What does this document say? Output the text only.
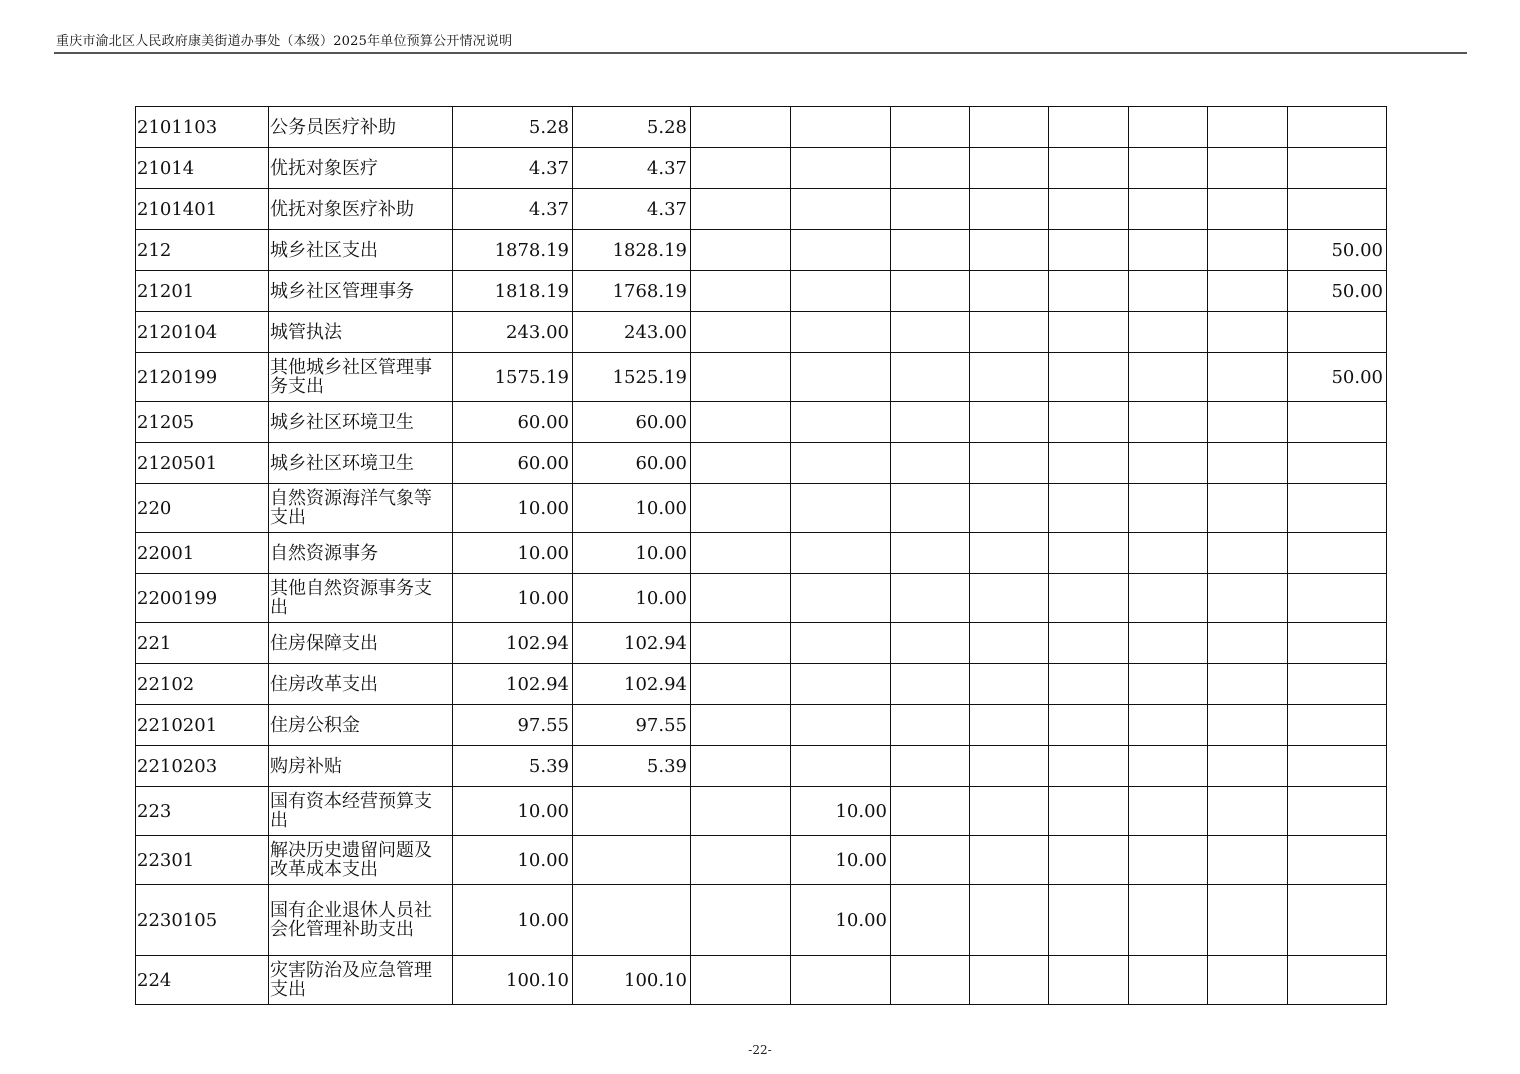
重庆市渝北区人民政府康美街道办事处（本级）2025年单位预算公开情况说明
2101103	公务员医疗补助	5.28	5.28								
21014	优抚对象医疗	4.37	4.37								
2101401	优抚对象医疗补助	4.37	4.37								
212	城乡社区支出	1878.19	1828.19								50.00
21201	城乡社区管理事务	1818.19	1768.19								50.00
2120104	城管执法	243.00	243.00								
2120199	其他城乡社区管理事务支出	1575.19	1525.19								50.00
21205	城乡社区环境卫生	60.00	60.00								
2120501	城乡社区环境卫生	60.00	60.00								
220	自然资源海洋气象等支出	10.00	10.00								
22001	自然资源事务	10.00	10.00								
2200199	其他自然资源事务支出	10.00	10.00								
221	住房保障支出	102.94	102.94								
22102	住房改革支出	102.94	102.94								
2210201	住房公积金	97.55	97.55								
2210203	购房补贴	5.39	5.39								
223	国有资本经营预算支出	10.00			10.00						
22301	解决历史遗留问题及改革成本支出	10.00			10.00						
2230105	国有企业退休人员社会化管理补助支出	10.00			10.00						
224	灾害防治及应急管理支出	100.10	100.10								
-22-
